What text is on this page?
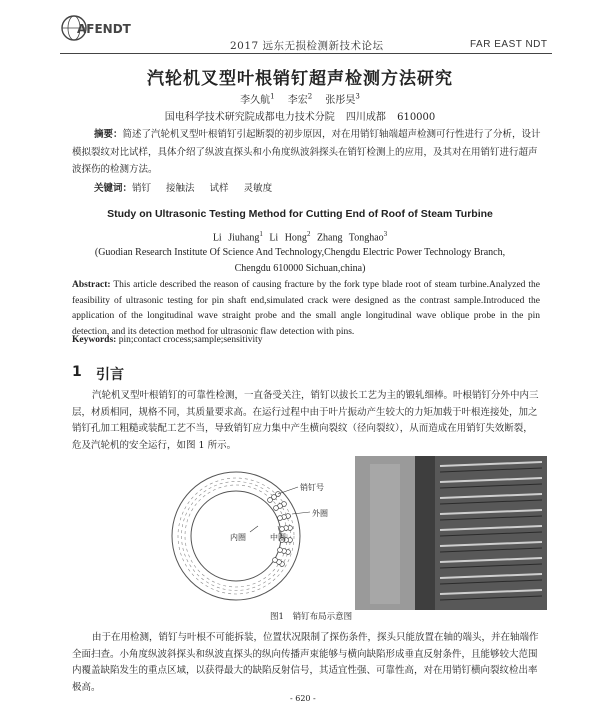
AFENDT
2017 远东无损检测新技术论坛	FAR EAST NDT
汽轮机叉型叶根销钉超声检测方法研究
李久航$^1$ 李宏$^2$ 张彤昊$^3$
国电科学技术研究院成都电力技术分院 四川成都 610000
摘要：简述了汽轮机叉型叶根销钉引起断裂的初步原因，对在用销钉轴端超声检测可行性进行了分析，设计模拟裂纹对比试样，具体介绍了纵波直探头和小角度纵波斜探头在销钉检测上的应用，及其对在用销钉进行超声波探伤的检测方法。
关键词：销钉 接触法 试样 灵敏度
Study on Ultrasonic Testing Method for Cutting End of Roof of Steam Turbine
Li Jiuhang$^1$ Li Hong$^2$ Zhang Tonghao$^3$
(Guodian Research Institute Of Science And Technology,Chengdu Electric Power Technology Branch,
Chengdu 610000 Sichuan,china)
Abstract: This article described the reason of causing fracture by the fork type blade root of steam turbine.Analyzed the feasibility of ultrasonic testing for pin shaft end,simulated crack were designed as the contrast sample.Introduced the application of the longitudinal wave straight probe and the small angle longitudinal wave oblique probe in the pin detection, and its detection method for ultrasonic flaw detection with pins.
Keywords: pin;contact crocess;sample;sensitivity
1 引言
汽轮机叉型叶根销钉的可靠性检测，一直备受关注，销钉以拔长工艺为主的锻轧细棒。叶根销钉分外中内三层，材质相同，规格不同，其质量要求高。在运行过程中由于叶片振动产生较大的力矩加载于叶根连接处，加之销钉孔加工粗糙或装配工艺不当，导致销钉应力集中产生横向裂纹（径向裂纹），从而造成在用销钉失效断裂，危及汽轮机的安全运行，如图 1 所示。
销钉号
外圈
内圈	中圈
图1 销钉布局示意图
由于在用检测，销钉与叶根不可能拆装，位置状况限制了探伤条件，探头只能放置在轴的端头，并在轴端作全面扫查。小角度纵波斜探头和纵波直探头的纵向传播声束能够与横向缺陷形成垂直反射条件，且能够较大范围内覆盖缺陷发生的重点区域，以获得最大的缺陷反射信号，其适宜性强、可靠性高，对在用销钉横向裂纹检出率极高。
- 620 -
